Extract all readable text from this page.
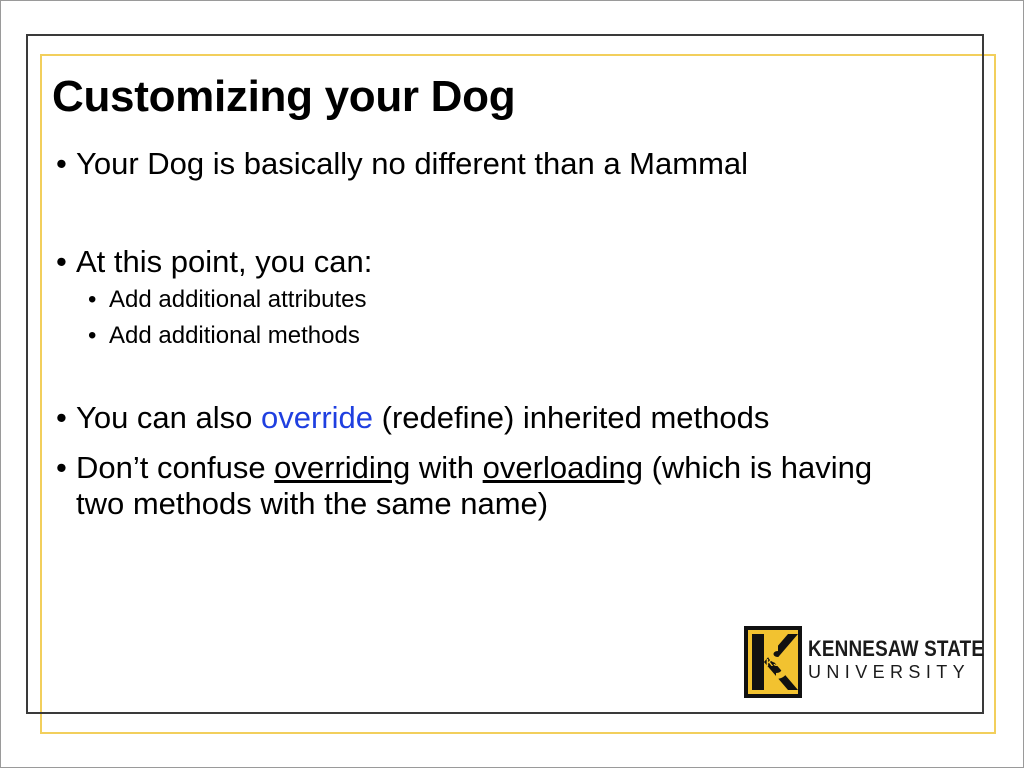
Customizing your Dog
• Your Dog is basically no different than a Mammal
• At this point, you can:
• Add additional attributes
• Add additional methods
• You can also override (redefine) inherited methods
• Don’t confuse overriding with overloading (which is having
two methods with the same name)
KS
KENNESAW STATE
UNIVERSITY
